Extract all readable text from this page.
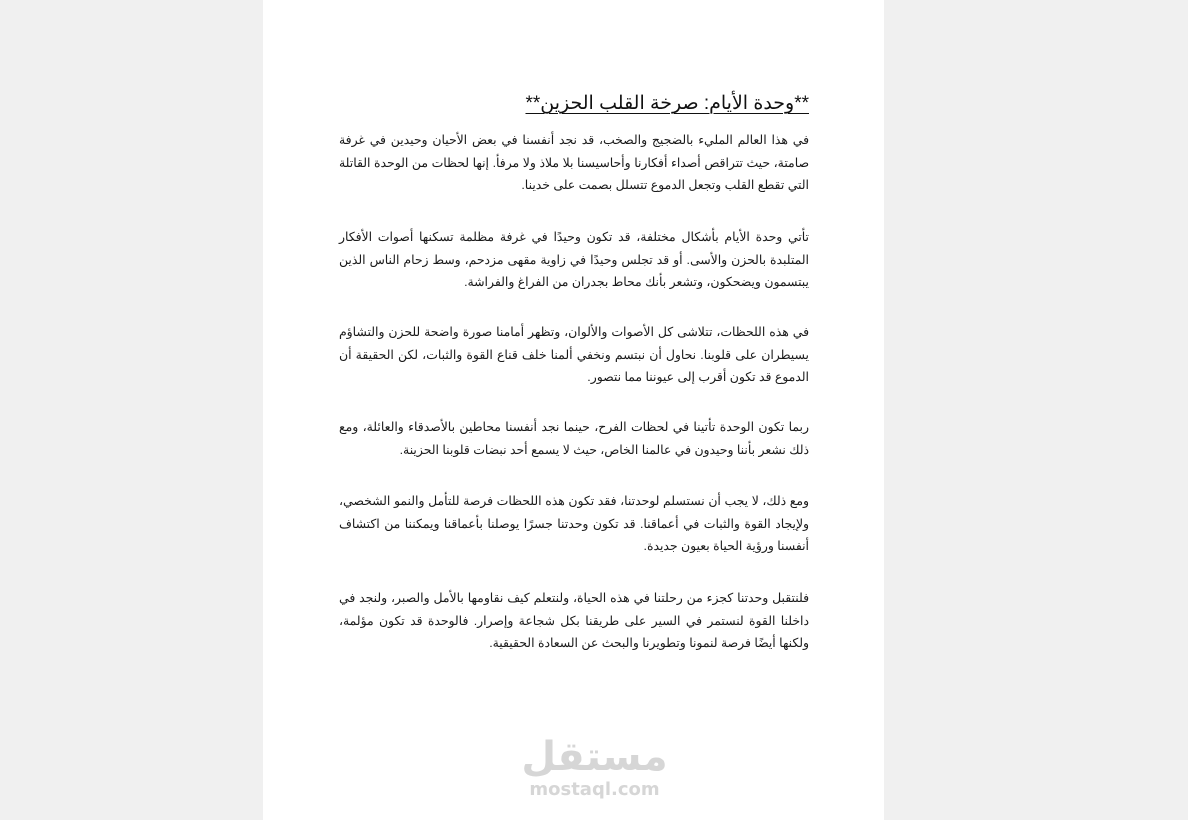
**وحدة الأيام: صرخة القلب الحزين**

في هذا العالم المليء بالضجيج والصخب، قد نجد أنفسنا في بعض الأحيان وحيدين في غرفة صامتة، حيث تتراقص أصداء أفكارنا وأحاسيسنا بلا ملاذ ولا مرفأ. إنها لحظات من الوحدة القاتلة التي تقطع القلب وتجعل الدموع تتسلل بصمت على خدينا.

تأتي وحدة الأيام بأشكال مختلفة، قد تكون وحيدًا في غرفة مظلمة تسكنها أصوات الأفكار المتلبدة بالحزن والأسى. أو قد تجلس وحيدًا في زاوية مقهى مزدحم، وسط زحام الناس الذين يبتسمون ويضحكون، وتشعر بأنك محاط بجدران من الفراغ والفراشة.

في هذه اللحظات، تتلاشى كل الأصوات والألوان، وتظهر أمامنا صورة واضحة للحزن والتشاؤم يسيطران على قلوبنا. نحاول أن نبتسم ونخفي ألمنا خلف قناع القوة والثبات، لكن الحقيقة أن الدموع قد تكون أقرب إلى عيوننا مما نتصور.

ربما تكون الوحدة تأتينا في لحظات الفرح، حينما نجد أنفسنا محاطين بالأصدقاء والعائلة، ومع ذلك نشعر بأننا وحيدون في عالمنا الخاص، حيث لا يسمع أحد نبضات قلوبنا الحزينة.

ومع ذلك، لا يجب أن نستسلم لوحدتنا، فقد تكون هذه اللحظات فرصة للتأمل والنمو الشخصي، ولإيجاد القوة والثبات في أعماقنا. قد تكون وحدتنا جسرًا يوصلنا بأعماقنا ويمكننا من اكتشاف أنفسنا ورؤية الحياة بعيون جديدة.

فلنتقبل وحدتنا كجزء من رحلتنا في هذه الحياة، ولنتعلم كيف نقاومها بالأمل والصبر، ولنجد في داخلنا القوة لنستمر في السير على طريقنا بكل شجاعة وإصرار. فالوحدة قد تكون مؤلمة، ولكنها أيضًا فرصة لنمونا وتطويرنا والبحث عن السعادة الحقيقية.

مستقل
mostaql.com
